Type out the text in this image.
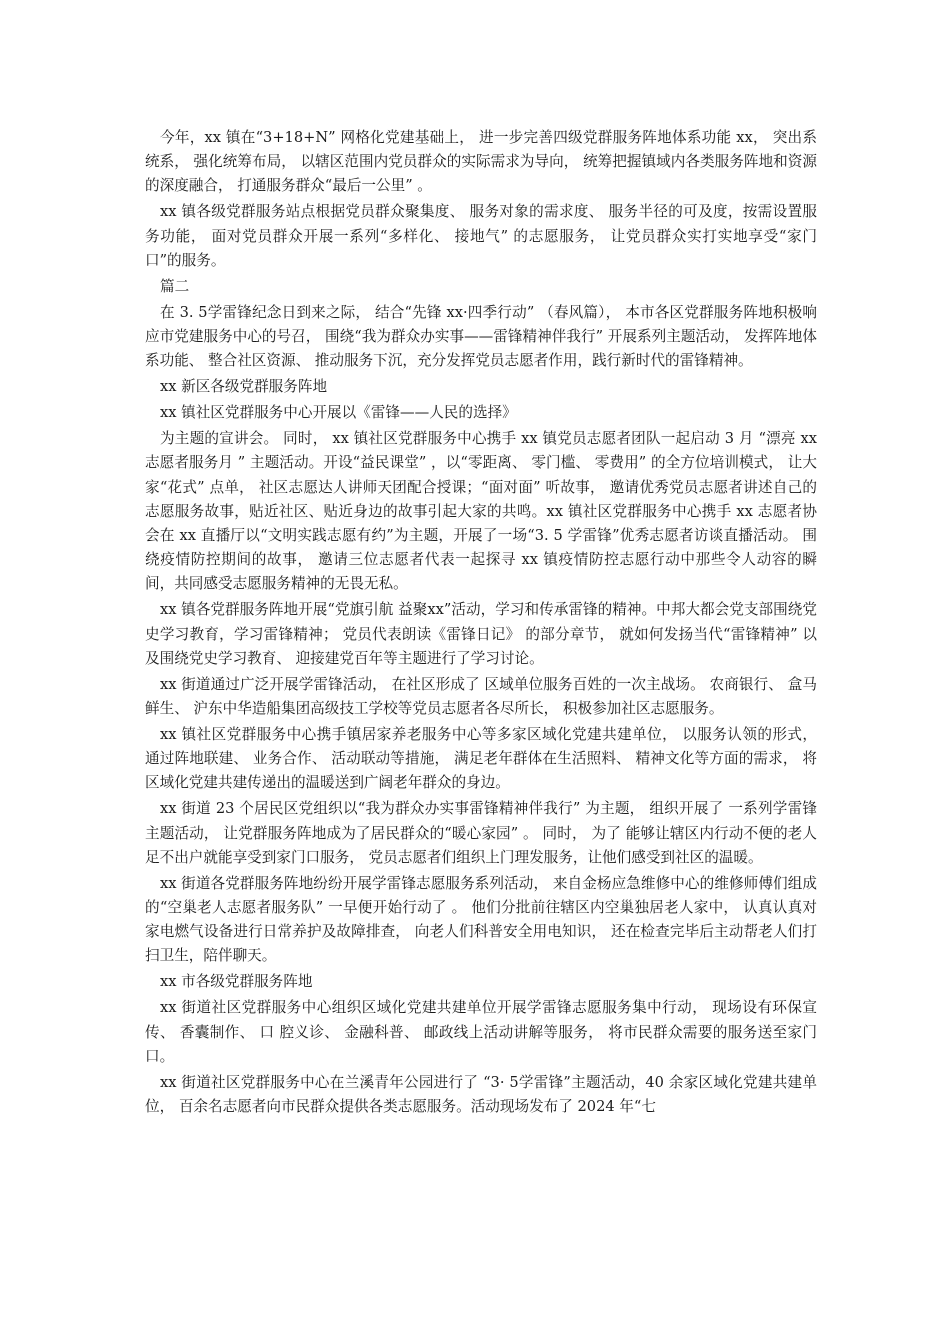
今年，xx 镇在“3+18+N” 网格化党建基础上， 进一步完善四级党群服务阵地体系功能 xx， 突出系统系， 强化统筹布局， 以辖区范围内党员群众的实际需求为导向， 统筹把握镇域内各类服务阵地和资源的深度融合， 打通服务群众“最后一公里” 。

xx 镇各级党群服务站点根据党员群众聚集度、 服务对象的需求度、 服务半径的可及度，按需设置服务功能， 面对党员群众开展一系列“多样化、 接地气” 的志愿服务， 让党员群众实打实地享受“家门口”的服务。

篇二

在 3. 5学雷锋纪念日到来之际， 结合“先锋 xx·四季行动” （春风篇）， 本市各区党群服务阵地积极响应市党建服务中心的号召， 围绕“我为群众办实事——雷锋精神伴我行” 开展系列主题活动， 发挥阵地体系功能、 整合社区资源、 推动服务下沉，充分发挥党员志愿者作用，践行新时代的雷锋精神。

xx 新区各级党群服务阵地

xx 镇社区党群服务中心开展以《雷锋——人民的选择》

为主题的宣讲会。 同时， xx 镇社区党群服务中心携手 xx 镇党员志愿者团队一起启动 3 月 “漂亮 xx 志愿者服务月 ” 主题活动。开设“益民课堂” ，以“零距离、 零门槛、 零费用” 的全方位培训模式， 让大家“花式” 点单， 社区志愿达人讲师天团配合授课；“面对面” 听故事， 邀请优秀党员志愿者讲述自己的志愿服务故事，贴近社区、贴近身边的故事引起大家的共鸣。xx 镇社区党群服务中心携手 xx 志愿者协会在 xx 直播厅以“文明实践志愿有约”为主题，开展了一场“3. 5 学雷锋”优秀志愿者访谈直播活动。 围绕疫情防控期间的故事， 邀请三位志愿者代表一起探寻 xx 镇疫情防控志愿行动中那些令人动容的瞬间，共同感受志愿服务精神的无畏无私。

xx 镇各党群服务阵地开展“党旗引航 益聚xx”活动，学习和传承雷锋的精神。中邦大都会党支部围绕党史学习教育，学习雷锋精神； 党员代表朗读《雷锋日记》 的部分章节， 就如何发扬当代“雷锋精神” 以及围绕党史学习教育、 迎接建党百年等主题进行了学习讨论。

xx 街道通过广泛开展学雷锋活动， 在社区形成了 区域单位服务百姓的一次主战场。 农商银行、 盒马鲜生、 沪东中华造船集团高级技工学校等党员志愿者各尽所长， 积极参加社区志愿服务。

xx 镇社区党群服务中心携手镇居家养老服务中心等多家区域化党建共建单位， 以服务认领的形式， 通过阵地联建、 业务合作、 活动联动等措施， 满足老年群体在生活照料、 精神文化等方面的需求， 将区域化党建共建传递出的温暖送到广阔老年群众的身边。

xx 街道 23 个居民区党组织以“我为群众办实事雷锋精神伴我行” 为主题， 组织开展了 一系列学雷锋主题活动， 让党群服务阵地成为了居民群众的“暖心家园” 。 同时， 为了 能够让辖区内行动不便的老人足不出户就能享受到家门口服务， 党员志愿者们组织上门理发服务，让他们感受到社区的温暖。

xx 街道各党群服务阵地纷纷开展学雷锋志愿服务系列活动， 来自金杨应急维修中心的维修师傅们组成的“空巢老人志愿者服务队” 一早便开始行动了 。 他们分批前往辖区内空巢独居老人家中， 认真认真对家电燃气设备进行日常养护及故障排查， 向老人们科普安全用电知识， 还在检查完毕后主动帮老人们打扫卫生，陪伴聊天。

xx 市各级党群服务阵地

xx 街道社区党群服务中心组织区域化党建共建单位开展学雷锋志愿服务集中行动， 现场设有环保宣传、 香囊制作、 口 腔义诊、 金融科普、 邮政线上活动讲解等服务， 将市民群众需要的服务送至家门口。

xx 街道社区党群服务中心在兰溪青年公园进行了 “3· 5学雷锋”主题活动，40 余家区域化党建共建单位， 百余名志愿者向市民群众提供各类志愿服务。活动现场发布了 2024 年“七
